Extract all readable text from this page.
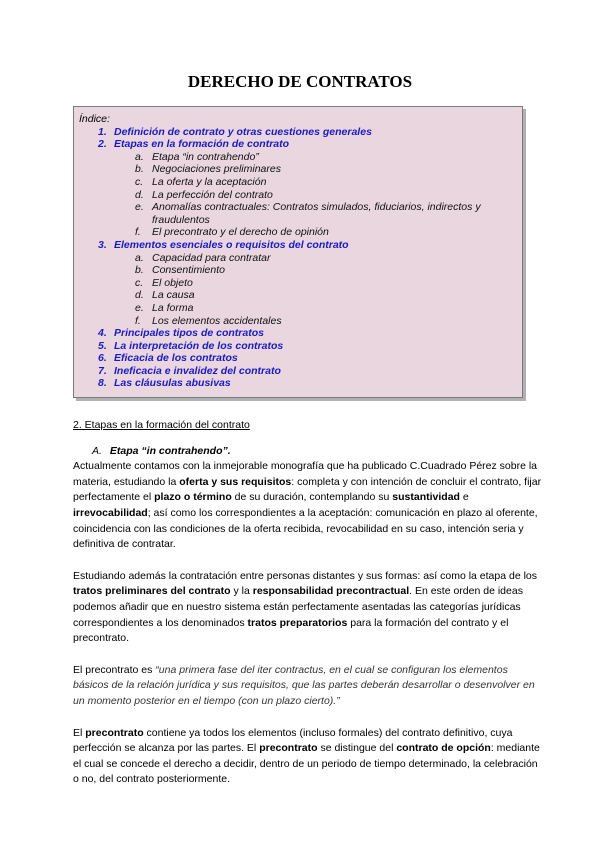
DERECHO DE CONTRATOS
Índice:
1. Definición de contrato y otras cuestiones generales
2. Etapas en la formación de contrato
a. Etapa “in contrahendo”
b. Negociaciones preliminares
c. La oferta y la aceptación
d. La perfección del contrato
e. Anomalías contractuales: Contratos simulados, fiduciarios, indirectos y fraudulentos
f.	El precontrato y el derecho de opinión
3. Elementos esenciales o requisitos del contrato
a. Capacidad para contratar
b. Consentimiento
c. El objeto
d. La causa
e. La forma
f.	Los elementos accidentales
4. Principales tipos de contratos
5. La interpretación de los contratos
6. Eficacia de los contratos
7. Ineficacia e invalidez del contrato
8. Las cláusulas abusivas
2. Etapas en la formación del contrato
A. Etapa “in contrahendo”.

Actualmente contamos con la inmejorable monografía que ha publicado C.Cuadrado Pérez sobre la materia, estudiando la oferta y sus requisitos: completa y con intención de concluir el contrato, fijar perfectamente el plazo o término de su duración, contemplando su sustantividad e irrevocabilidad; así como los correspondientes a la aceptación: comunicación en plazo al oferente, coincidencia con las condiciones de la oferta recibida, revocabilidad en su caso, intención seria y definitiva de contratar.

Estudiando además la contratación entre personas distantes y sus formas: así como la etapa de los tratos preliminares del contrato y la responsabilidad precontractual. En este orden de ideas podemos añadir que en nuestro sistema están perfectamente asentadas las categorías jurídicas correspondientes a los denominados tratos preparatorios para la formación del contrato y el precontrato.

El precontrato es “una primera fase del iter contractus, en el cual se configuran los elementos básicos de la relación jurídica y sus requisitos, que las partes deberán desarrollar o desenvolver en un momento posterior en el tiempo (con un plazo cierto).”

El precontrato contiene ya todos los elementos (incluso formales) del contrato definitivo, cuya perfección se alcanza por las partes. El precontrato se distingue del contrato de opción: mediante el cual se concede el derecho a decidir, dentro de un periodo de tiempo determinado, la celebración o no, del contrato posteriormente.
